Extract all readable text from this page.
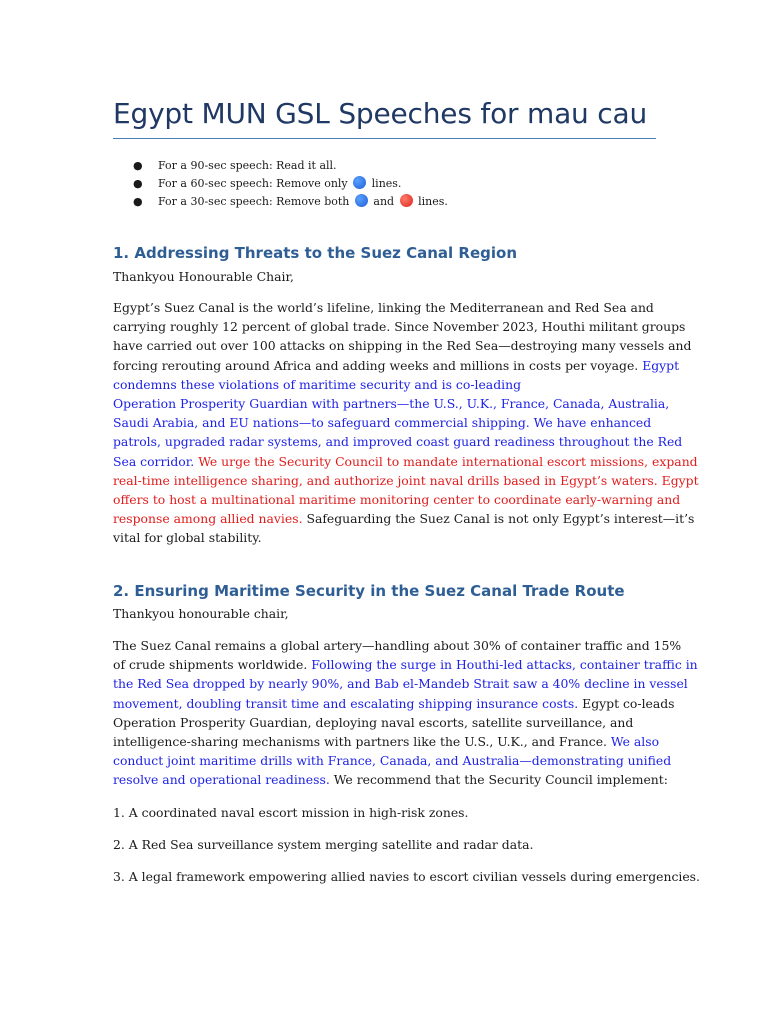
Egypt MUN GSL Speeches for mau cau
● For a 90-sec speech: Read it all.
● For a 60-sec speech: Remove only lines.
● For a 30-sec speech: Remove both and lines.
1. Addressing Threats to the Suez Canal Region
Thankyou Honourable Chair,
Egypt’s Suez Canal is the world’s lifeline, linking the Mediterranean and Red Sea and
carrying roughly 12 percent of global trade. Since November 2023, Houthi militant groups
have carried out over 100 attacks on shipping in the Red Sea—destroying many vessels and
forcing rerouting around Africa and adding weeks and millions in costs per voyage. Egypt
condemns these violations of maritime security and is co-leading
Operation Prosperity Guardian with partners—the U.S., U.K., France, Canada, Australia,
Saudi Arabia, and EU nations—to safeguard commercial shipping. We have enhanced
patrols, upgraded radar systems, and improved coast guard readiness throughout the Red
Sea corridor. We urge the Security Council to mandate international escort missions, expand
real-time intelligence sharing, and authorize joint naval drills based in Egypt’s waters. Egypt
offers to host a multinational maritime monitoring center to coordinate early-warning and
response among allied navies. Safeguarding the Suez Canal is not only Egypt’s interest—it’s
vital for global stability.
2. Ensuring Maritime Security in the Suez Canal Trade Route
Thankyou honourable chair,
The Suez Canal remains a global artery—handling about 30% of container traffic and 15%
of crude shipments worldwide. Following the surge in Houthi-led attacks, container traffic in
the Red Sea dropped by nearly 90%, and Bab el-Mandeb Strait saw a 40% decline in vessel
movement, doubling transit time and escalating shipping insurance costs. Egypt co-leads
Operation Prosperity Guardian, deploying naval escorts, satellite surveillance, and
intelligence-sharing mechanisms with partners like the U.S., U.K., and France. We also
conduct joint maritime drills with France, Canada, and Australia—demonstrating unified
resolve and operational readiness. We recommend that the Security Council implement:
1. A coordinated naval escort mission in high-risk zones.
2. A Red Sea surveillance system merging satellite and radar data.
3. A legal framework empowering allied navies to escort civilian vessels during emergencies.
